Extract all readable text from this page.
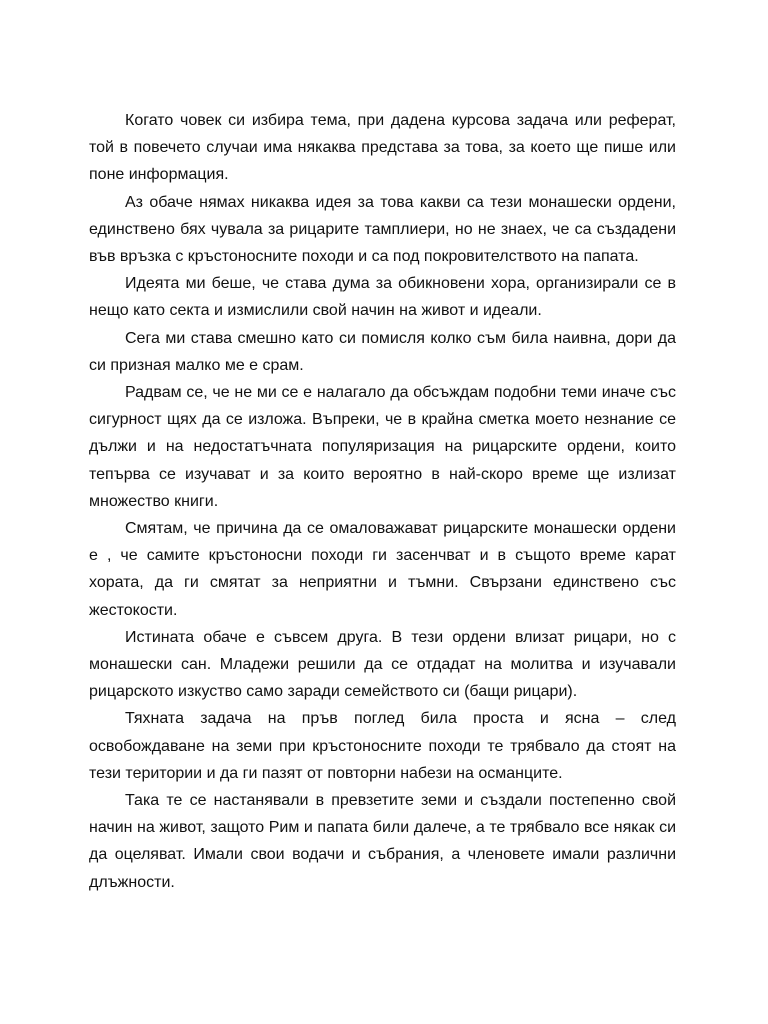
Когато човек си избира тема, при дадена курсова задача или реферат, той в повечето случаи има някаква представа за това, за което ще пише или поне информация.

Аз обаче нямах никаква идея за това какви са тези монашески ордени, единствено бях чувала за рицарите тамплиери, но не знаех, че са създадени във връзка с кръстоносните походи и са под покровителството на папата.

Идеята ми беше, че става дума за обикновени хора, организирали се в нещо като секта и измислили свой начин на живот и идеали.

Сега ми става смешно като си помисля колко съм била наивна, дори да си призная малко ме е срам.

Радвам се, че не ми се е налагало да обсъждам подобни теми иначе със сигурност щях да се изложа. Въпреки, че в крайна сметка моето незнание се дължи и на недостатъчната популяризация на рицарските ордени, които тепърва се изучават и за които вероятно в най-скоро време ще излизат множество книги.

Смятам, че причина да се омаловажават рицарските монашески ордени е , че самите кръстоносни походи ги засенчват и в същото време карат хората, да ги смятат за неприятни и тъмни. Свързани единствено със жестокости.

Истината обаче е съвсем друга. В тези ордени влизат рицари, но с монашески сан. Младежи решили да се отдадат на молитва и изучавали рицарското изкуство само заради семейството си (бащи рицари).

Тяхната задача на пръв поглед била проста и ясна – след освобождаване на земи при кръстоносните походи те трябвало да стоят на тези територии и да ги пазят от повторни набези на османците.

Така те се настанявали в превзетите земи и създали постепенно свой начин на живот, защото Рим и папата били далече, а те трябвало все някак си да оцеляват. Имали свои водачи и събрания, а членовете имали различни длъжности.
